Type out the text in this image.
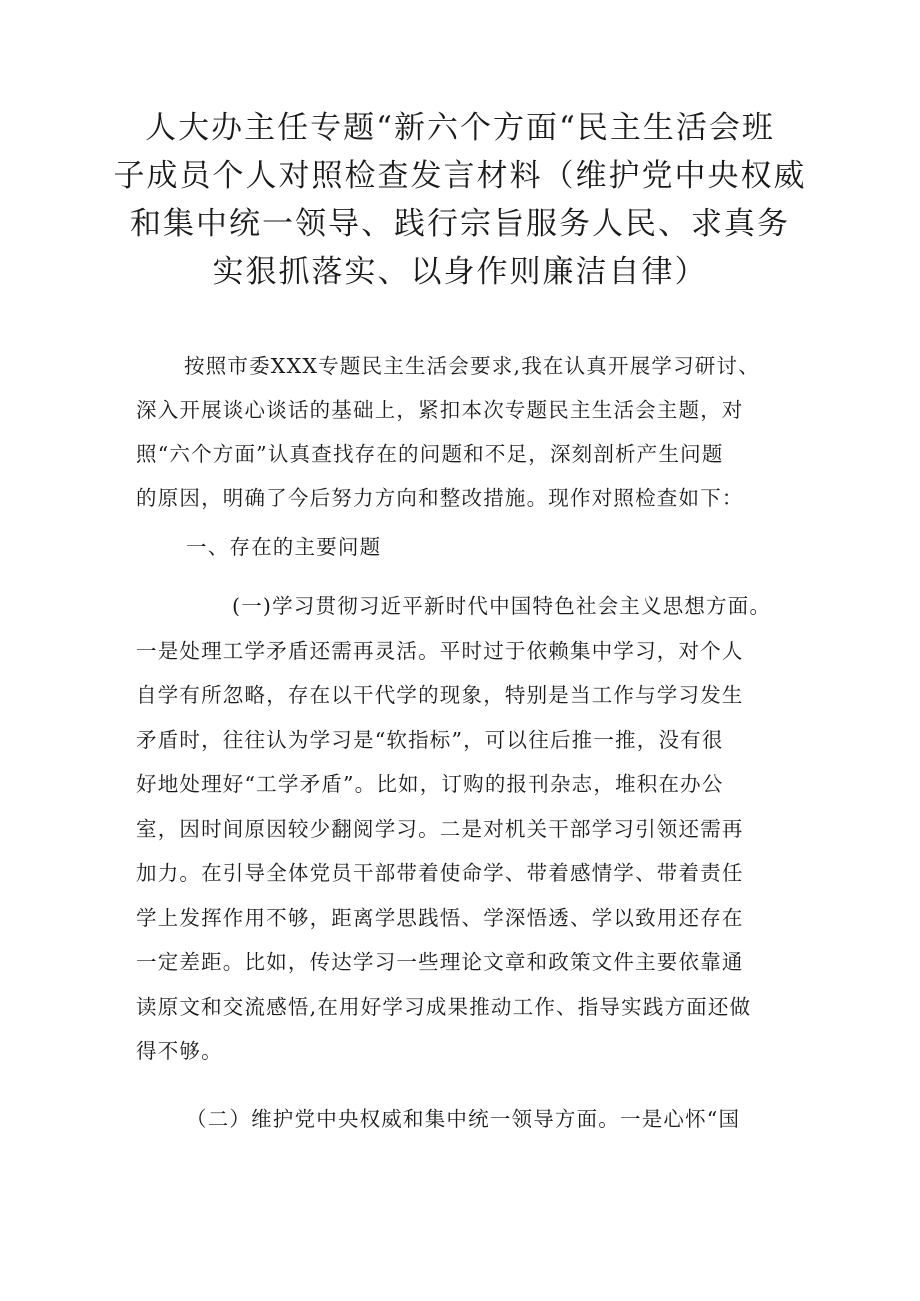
人大办主任专题“新六个方面“民主生活会班
子成员个人对照检查发言材料（维护党中央权威
和集中统一领导、践行宗旨服务人民、求真务
实狠抓落实、以身作则廉洁自律）
按照市委XXX专题民主生活会要求,我在认真开展学习研讨、
深入开展谈心谈话的基础上，紧扣本次专题民主生活会主题，对
照“六个方面”认真查找存在的问题和不足，深刻剖析产生问题
的原因，明确了今后努力方向和整改措施。现作对照检查如下：
一、存在的主要问题
(一)学习贯彻习近平新时代中国特色社会主义思想方面。
一是处理工学矛盾还需再灵活。平时过于依赖集中学习，对个人
自学有所忽略，存在以干代学的现象，特别是当工作与学习发生
矛盾时，往往认为学习是“软指标”，可以往后推一推，没有很
好地处理好“工学矛盾”。比如，订购的报刊杂志，堆积在办公
室，因时间原因较少翻阅学习。二是对机关干部学习引领还需再
加力。在引导全体党员干部带着使命学、带着感情学、带着责任
学上发挥作用不够，距离学思践悟、学深悟透、学以致用还存在
一定差距。比如，传达学习一些理论文章和政策文件主要依靠通
读原文和交流感悟,在用好学习成果推动工作、指导实践方面还做
得不够。
（二）维护党中央权威和集中统一领导方面。一是心怀“国
